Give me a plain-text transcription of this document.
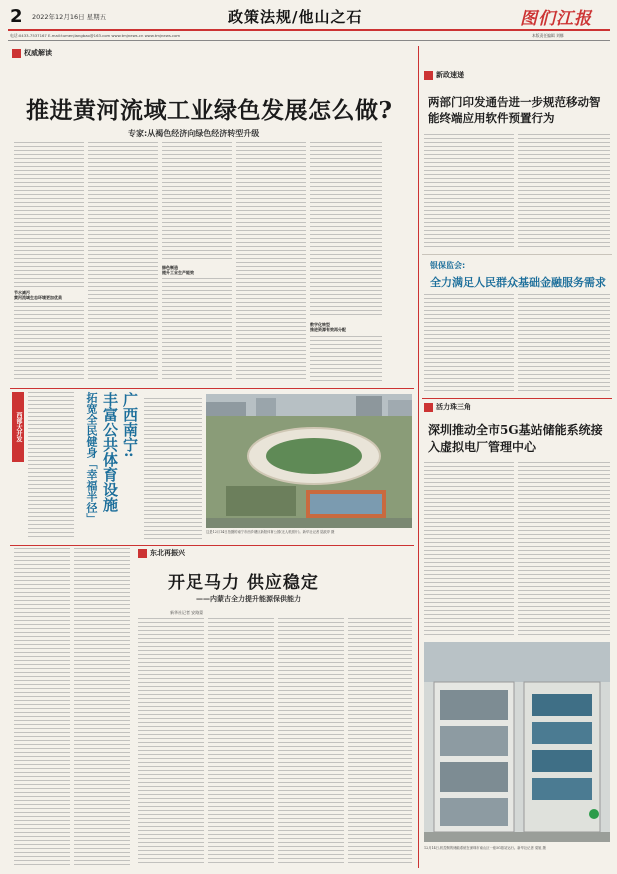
2 2022年12月16日 星期五	政策法规/他山之石	图们江报
电话:0433-7537167 E-mail:tumenjiangbao@163.com www.tmjnews.cn www.tmjnews.com	本版责任编辑 刘娜
权威解读
推进黄河流域工业绿色发展怎么做?
专家:从褐色经济向绿色经济转型升级
节水减污
黄河流域生态环境更加优美
绿色制造
提升工业生产能效
数字化转型
推进资源有效再分配
西部大开发	广西南宁:
丰富公共体育设施
拓宽全民健身「幸福半径」
这是12月14日拍摄的南宁市西乡塘区新阳体育公园(无人机照片)。新华社记者 陆波岸 摄
东北再振兴
开足马力 供应稳定
——内蒙古全力提升能源保供能力
新华社记者 安路蒙
新政速递
两部门印发通告进一步规范移动智能终端应用软件预置行为
银保监会:
全力满足人民群众基础金融服务需求
活力珠三角
深圳推动全市5G基站储能系统接入虚拟电厂管理中心
12月14日,机控制的储能系统在深圳市南山区一座5G基站运行。新华社记者 梁旭 摄
